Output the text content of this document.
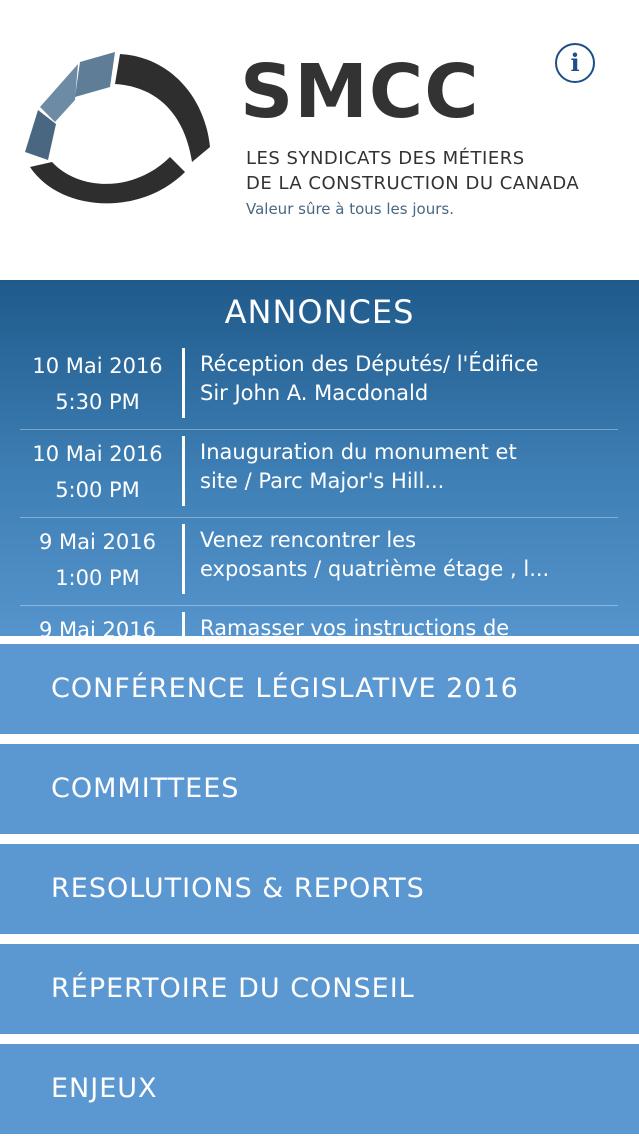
SMCC
LES SYNDICATS DES MÉTIERS
DE LA CONSTRUCTION DU CANADA
Valeur sûre à tous les jours.
i
ANNONCES
10 Mai 2016
5:30 PM
Réception des Députés/ l'Édifice
Sir John A. Macdonald
10 Mai 2016
5:00 PM
Inauguration du monument et
site / Parc Major's Hill...
9 Mai 2016
1:00 PM
Venez rencontrer les
exposants / quatrième étage , l...
9 Mai 2016	Ramasser vos instructions de
CONFÉRENCE LÉGISLATIVE 2016
COMMITTEES
RESOLUTIONS & REPORTS
RÉPERTOIRE DU CONSEIL
ENJEUX
